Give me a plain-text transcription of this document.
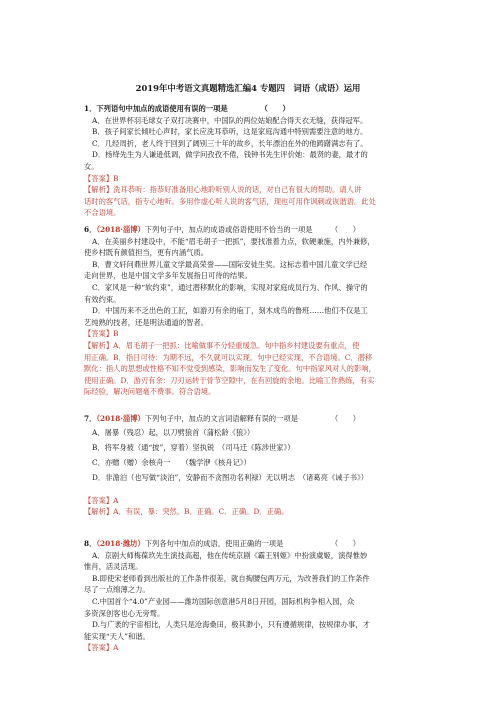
2019年中考语文真题精选汇编4 专题四　词语（成语）运用
1．下列语句中加点的成语使用有误的一项是　　　　　（　　）
A．在世界杯羽毛球女子双打决赛中，中国队的两位姑娘配合得天衣无缝，获得冠军。
B．孩子间家长倾吐心声时，家长应洗耳恭听，这是家庭沟通中特别需要注意的地方。
C．几经周折，老人终于回到了阔别三十年的故乡，长年漂泊在外的他踌躇满志有了。
D．杨绛先生为人谦逊低调，做学问孜孜不倦，钱钟书先生评价她：最贤的妻，最才的
女。
【答案】B
【解析】洗耳恭听：指恭好准备用心地聆听别人说的话，对自己有很大的帮助。请人讲
话时的客气话，指专心地听。多用作虚心听人说的客气话，现也可用作讽刺或诙谐语。此处
不合语境。
6．（2018·淄博）下列句子中，加点的成语或俗语使用不恰当的一项是　　　（　　）
A．在美丽乡村建设中，不能“眉毛胡子一把抓”，要找准着力点，软硬兼施，内外兼修，
使乡村既有颜值担当，更有内涵气质。
B．曹文轩问鼎世界儿童文学最高荣誉——国际安徒生奖。这标志着中国儿童文学已经
走向世界，也是中国文学多年发展指日可待的结果。
C．家风是一种“软约束”，通过潜移默化的影响，实现对家庭成员行为、作风、操守的
有效约束。
D．中国历来不乏出色的工匠，如游刃有余的庖丁，刻木成鸟的鲁班……他们不仅是工
艺纯熟的技者，还是明法通道的智者。
【答案】B
【解析】A．眉毛胡子一把抓：比喻做事不分轻重缓急。句中指乡村建设要有重点，使
用正确。B．指日可待：为期不远，不久就可以实现。句中已经实现，不合语境。C．潜移
默化：指人的思想或性格不知不觉受到感染，影响而发生了变化。句中指家风对人的影响，
使用正确。D．游刃有余：刀刃运转于骨节空隙中，在有回旋的余地。比喻工作熟练，有实
际经验，解决问题毫不费事。符合语境。
7．（2018·淄博）下列句子中，加点的文言词语解释有误的一项是　　　　　（　　）
A．屠暴（残忍）起，以刀劈狼首（蒲松龄《狼》）
B．将军身被（通“披”，穿着）坚执锐　（司马迁《陈涉世家》）
C．亦赠（赠）余核舟一　　（魏学洢《核舟记》）
D．非澹泊（也写做“淡泊”，安静而不贪图功名利禄）无以明志　（诸葛亮《诫子书》）
【答案】A
【解析】A．有误，暴：突然。B．正确。C．正确。D．正确。
8．（2018·潍坊）下列各句中加点的成语，使用正确的一项是　　　　　　　（　　）
A．京剧大师梅葆玖先生演技高超，他在传统京剧《霸王别姬》中扮演虞姬，演得惟妙
惟肖，活灵活现。
B.即使宋老师看到出版社的工作条件很差，就自掏腰包两万元，为改善我们的工作条件
尽了一点绵薄之力。
C.中国首个“4.0”产业园——潍坊国际创意港5月8日开园，国际机构争相入园，众
多资深创客也心无旁骛。
D.与广袤的宇宙相比，人类只是沧海桑田，极其渺小，只有遵循规律，按规律办事，才
能实现“天人”和谐。
【答案】A
